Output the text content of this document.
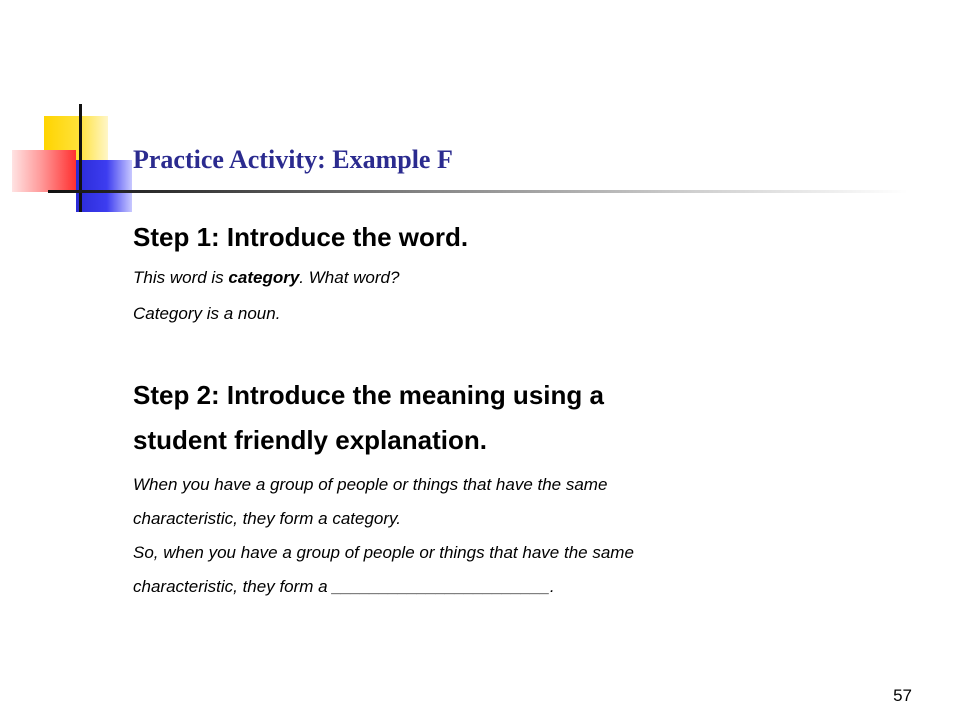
Practice Activity: Example F

Step 1: Introduce the word.

This word is category. What word?

Category is a noun.

Step 2: Introduce the meaning using a

student friendly explanation.

When you have a group of people or things that have the same

characteristic, they form a category.

So, when you have a group of people or things that have the same

characteristic, they form a _______________________.

57
